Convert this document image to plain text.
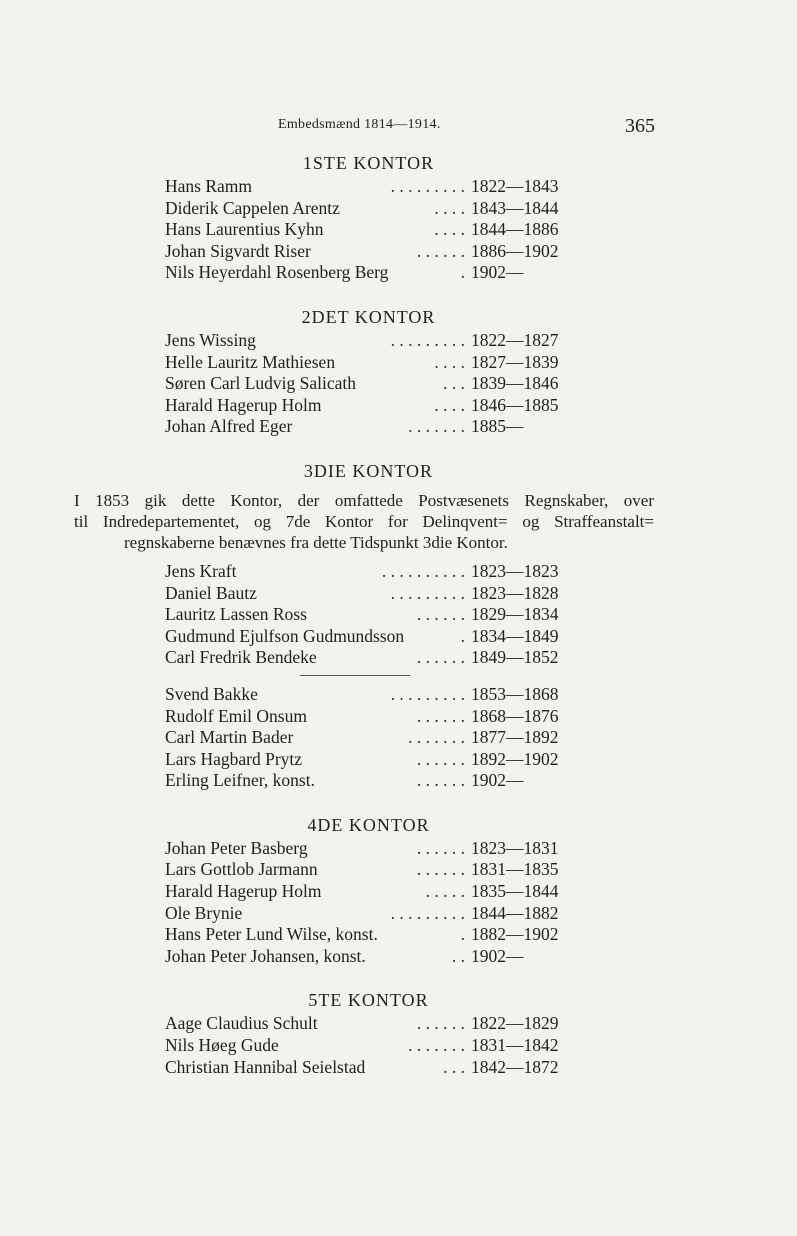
Embedsmænd 1814—1914.	365
1STE KONTOR
Hans Ramm	. . . . . . . . . 1822—1843
Diderik Cappelen Arentz	. . . . 1843—1844
Hans Laurentius Kyhn	. . . . 1844—1886
Johan Sigvardt Riser	. . . . . . 1886—1902
Nils Heyerdahl Rosenberg Berg	. 1902—
2DET KONTOR
Jens Wissing	. . . . . . . . . 1822—1827
Helle Lauritz Mathiesen	. . . . 1827—1839
Søren Carl Ludvig Salicath	. . . 1839—1846
Harald Hagerup Holm	. . . . 1846—1885
Johan Alfred Eger	. . . . . . . 1885—
3DIE KONTOR
I 1853 gik dette Kontor, der omfattede Postvæsenets Regnskaber, over
til Indredepartementet, og 7de Kontor for Delinqvent= og Straffeanstalt=
regnskaberne benævnes fra dette Tidspunkt 3die Kontor.
Jens Kraft	. . . . . . . . . . 1823—1823
Daniel Bautz	. . . . . . . . . 1823—1828
Lauritz Lassen Ross	. . . . . . 1829—1834
Gudmund Ejulfson Gudmundsson	. 1834—1849
Carl Fredrik Bendeke	. . . . . . 1849—1852
Svend Bakke	. . . . . . . . . 1853—1868
Rudolf Emil Onsum	. . . . . . 1868—1876
Carl Martin Bader	. . . . . . . 1877—1892
Lars Hagbard Prytz	. . . . . . 1892—1902
Erling Leifner, konst.	. . . . . . 1902—
4DE KONTOR
Johan Peter Basberg	. . . . . . 1823—1831
Lars Gottlob Jarmann	. . . . . . 1831—1835
Harald Hagerup Holm	. . . . . 1835—1844
Ole Brynie	. . . . . . . . . 1844—1882
Hans Peter Lund Wilse, konst.	. 1882—1902
Johan Peter Johansen, konst.	. . 1902—
5TE KONTOR
Aage Claudius Schult	. . . . . . 1822—1829
Nils Høeg Gude	. . . . . . . 1831—1842
Christian Hannibal Seielstad	. . . 1842—1872
